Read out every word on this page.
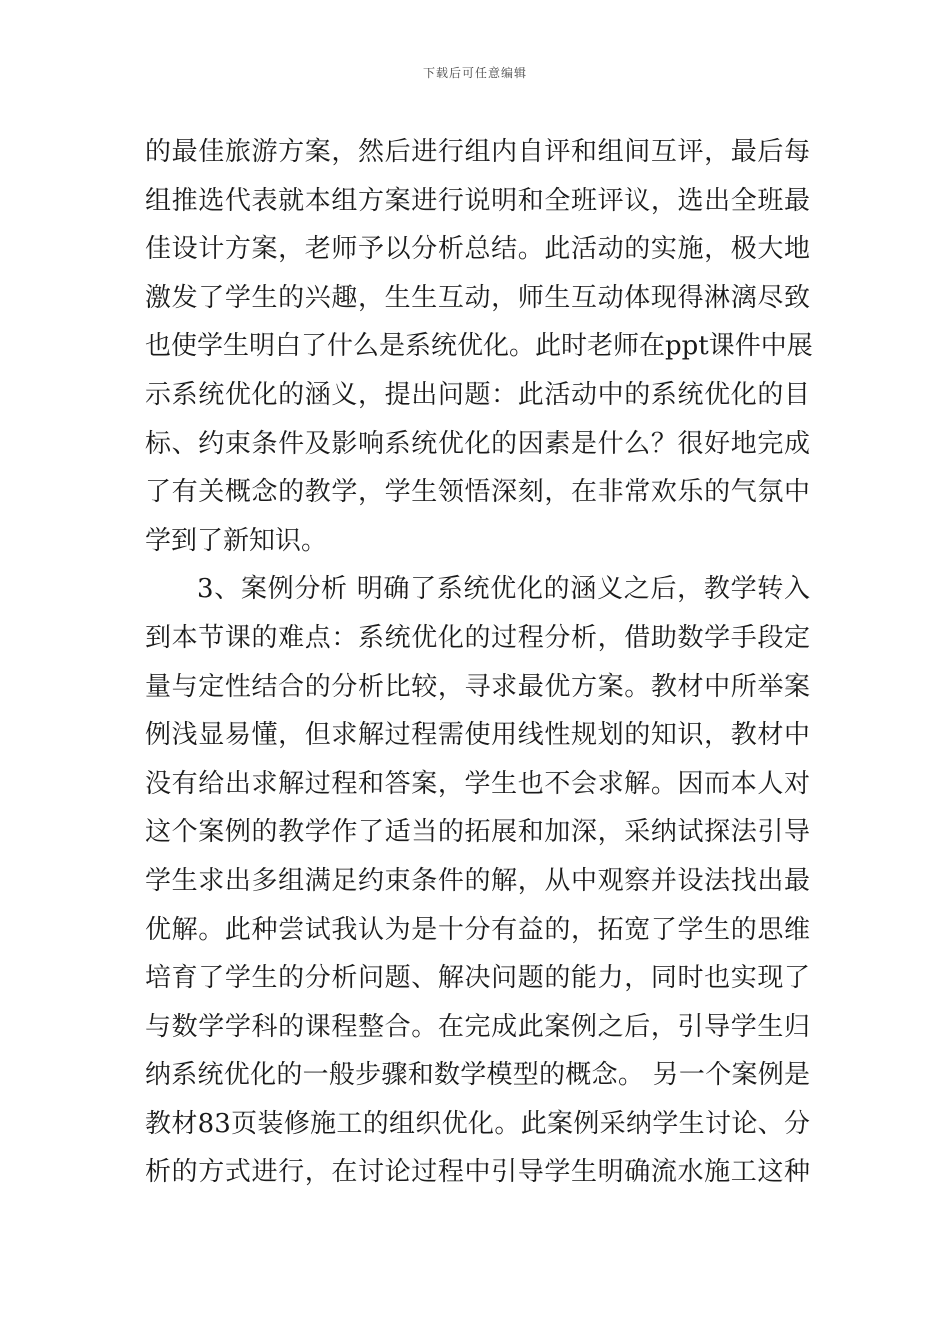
下载后可任意编辑
的最佳旅游方案，然后进行组内自评和组间互评，最后每
组推选代表就本组方案进行说明和全班评议，选出全班最
佳设计方案，老师予以分析总结。此活动的实施，极大地
激发了学生的兴趣，生生互动，师生互动体现得淋漓尽致
也使学生明白了什么是系统优化。此时老师在ppt课件中展
示系统优化的涵义，提出问题：此活动中的系统优化的目
标、约束条件及影响系统优化的因素是什么？很好地完成
了有关概念的教学，学生领悟深刻，在非常欢乐的气氛中
学到了新知识。
3、案例分析 明确了系统优化的涵义之后，教学转入
到本节课的难点：系统优化的过程分析，借助数学手段定
量与定性结合的分析比较，寻求最优方案。教材中所举案
例浅显易懂，但求解过程需使用线性规划的知识，教材中
没有给出求解过程和答案，学生也不会求解。因而本人对
这个案例的教学作了适当的拓展和加深，采纳试探法引导
学生求出多组满足约束条件的解，从中观察并设法找出最
优解。此种尝试我认为是十分有益的，拓宽了学生的思维
培育了学生的分析问题、解决问题的能力，同时也实现了
与数学学科的课程整合。在完成此案例之后，引导学生归
纳系统优化的一般步骤和数学模型的概念。 另一个案例是
教材83页装修施工的组织优化。此案例采纳学生讨论、分
析的方式进行，在讨论过程中引导学生明确流水施工这种
